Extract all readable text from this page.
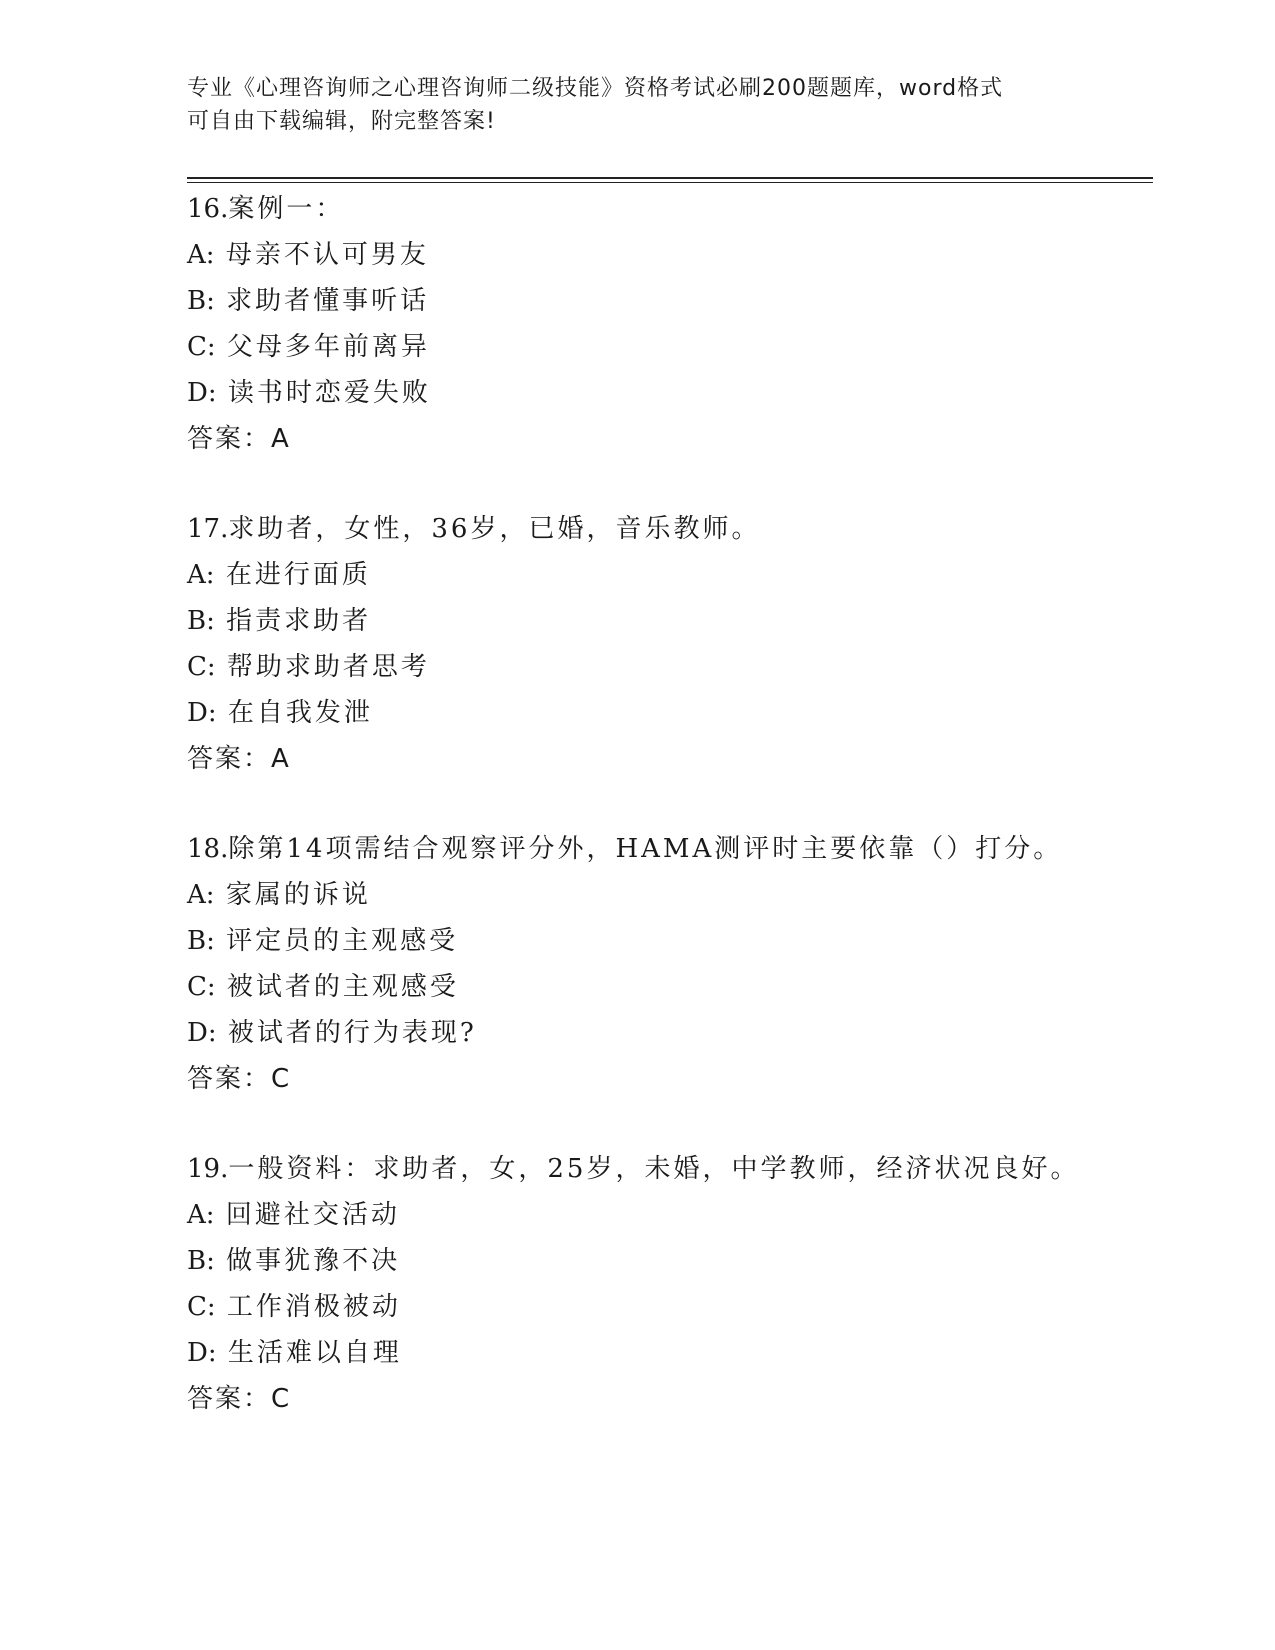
专业《心理咨询师之心理咨询师二级技能》资格考试必刷200题题库，word格式
可自由下载编辑，附完整答案!
16.案例一：
A: 母亲不认可男友
B: 求助者懂事听话
C: 父母多年前离异
D: 读书时恋爱失败
答案：A
17.求助者，女性，36岁，已婚，音乐教师。
A: 在进行面质
B: 指责求助者
C: 帮助求助者思考
D: 在自我发泄
答案：A
18.除第14项需结合观察评分外，HAMA测评时主要依靠（）打分。
A: 家属的诉说
B: 评定员的主观感受
C: 被试者的主观感受
D: 被试者的行为表现?
答案：C
19.一般资料：求助者，女，25岁，未婚，中学教师，经济状况良好。
A: 回避社交活动
B: 做事犹豫不决
C: 工作消极被动
D: 生活难以自理
答案：C
